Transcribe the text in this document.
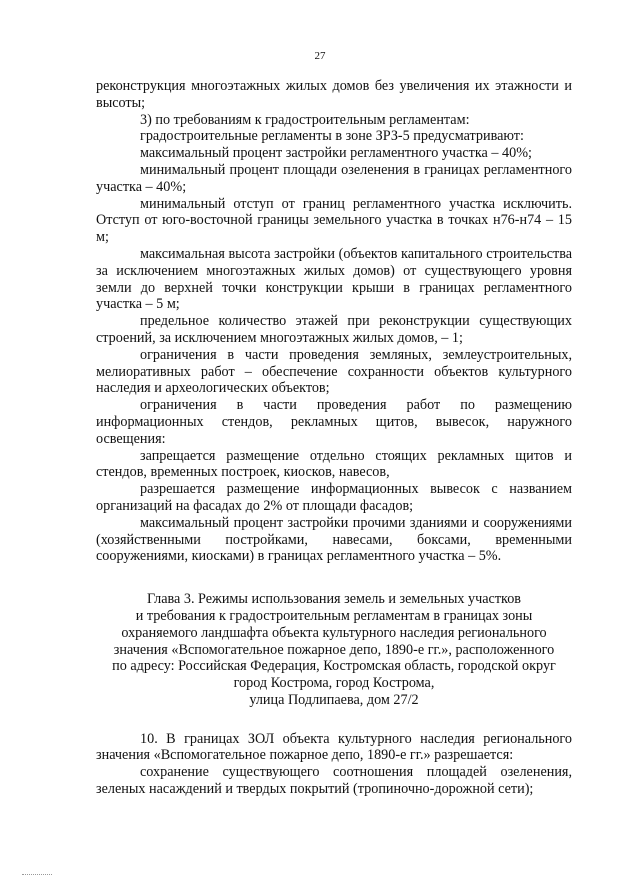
27

реконструкция многоэтажных жилых домов без увеличения их этажности и высоты;

3) по требованиям к градостроительным регламентам:

градостроительные регламенты в зоне ЗРЗ-5 предусматривают:

максимальный процент застройки регламентного участка – 40%;

минимальный процент площади озеленения в границах регламентного участка – 40%;

минимальный отступ от границ регламентного участка исключить. Отступ от юго-восточной границы земельного участка в точках н76-н74 – 15 м;

максимальная высота застройки (объектов капитального строительства за исключением многоэтажных жилых домов) от существующего уровня земли до верхней точки конструкции крыши в границах регламентного участка – 5 м;

предельное количество этажей при реконструкции существующих строений, за исключением многоэтажных жилых домов, – 1;

ограничения в части проведения земляных, землеустроительных, мелиоративных работ – обеспечение сохранности объектов культурного наследия и археологических объектов;

ограничения в части проведения работ по размещению информационных стендов, рекламных щитов, вывесок, наружного освещения:

запрещается размещение отдельно стоящих рекламных щитов и стендов, временных построек, киосков, навесов,

разрешается размещение информационных вывесок с названием организаций на фасадах до 2% от площади фасадов;

максимальный процент застройки прочими зданиями и сооружениями (хозяйственными постройками, навесами, боксами, временными сооружениями, киосками) в границах регламентного участка – 5%.

Глава 3. Режимы использования земель и земельных участков
и требования к градостроительным регламентам в границах зоны
охраняемого ландшафта объекта культурного наследия регионального
значения «Вспомогательное пожарное депо, 1890-е гг.», расположенного
по адресу: Российская Федерация, Костромская область, городской округ
город Кострома, город Кострома,
улица Подлипаева, дом 27/2

10. В границах ЗОЛ объекта культурного наследия регионального значения «Вспомогательное пожарное депо, 1890-е гг.» разрешается:

сохранение существующего соотношения площадей озеленения, зеленых насаждений и твердых покрытий (тропиночно-дорожной сети);
